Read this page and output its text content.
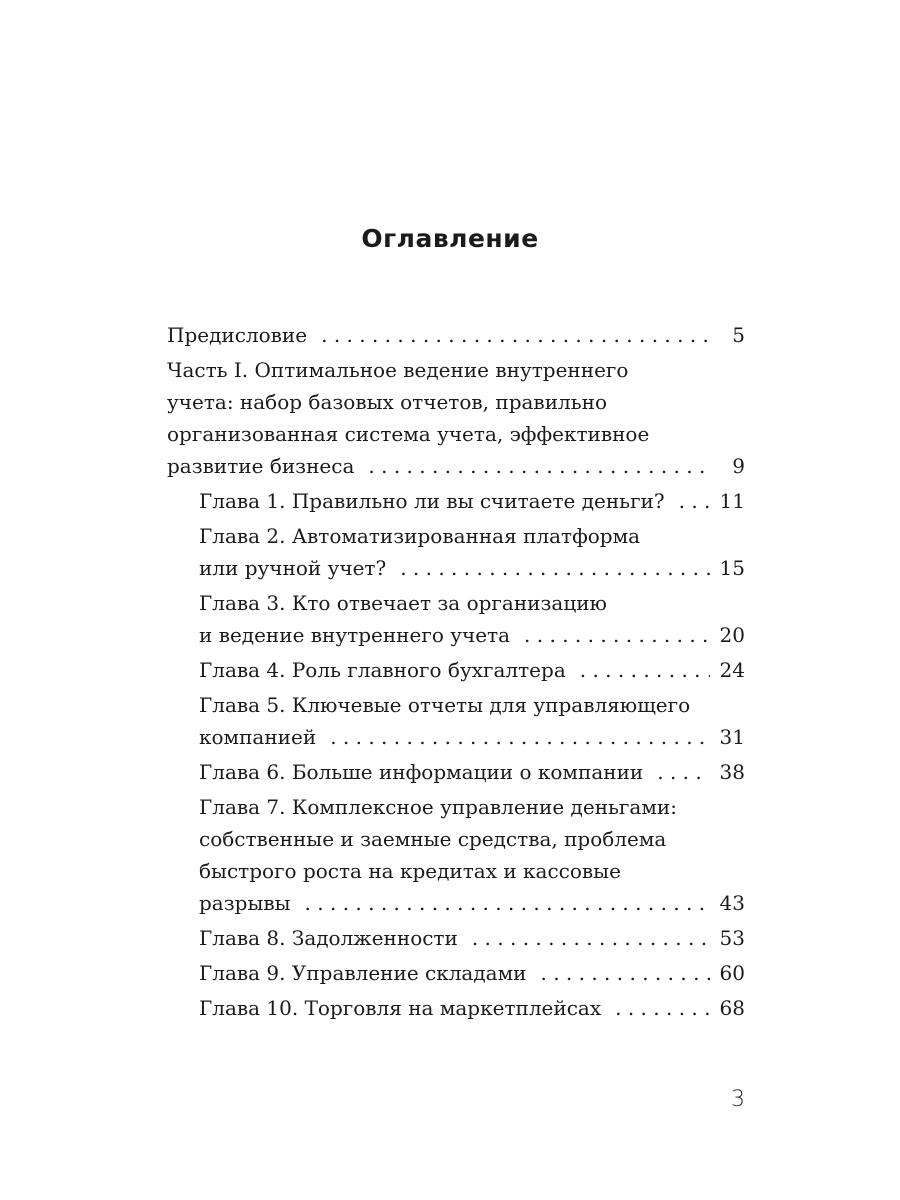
Оглавление
Предисловие . . .	5
Часть I. Оптимальное ведение внутреннего
учета: набор базовых отчетов, правильно
организованная система учета, эффективное
развитие бизнеса . . .	9
Глава 1. Правильно ли вы считаете деньги? . . .	11
Глава 2. Автоматизированная платформа
или ручной учет? . . .	15
Глава 3. Кто отвечает за организацию
и ведение внутреннего учета . . .	20
Глава 4. Роль главного бухгалтера . . .	24
Глава 5. Ключевые отчеты для управляющего
компанией . . .	31
Глава 6. Больше информации о компании . . .	38
Глава 7. Комплексное управление деньгами:
собственные и заемные средства, проблема
быстрого роста на кредитах и кассовые
разрывы . . .	43
Глава 8. Задолженности . . .	53
Глава 9. Управление складами . . .	60
Глава 10. Торговля на маркетплейсах . . .	68
3
